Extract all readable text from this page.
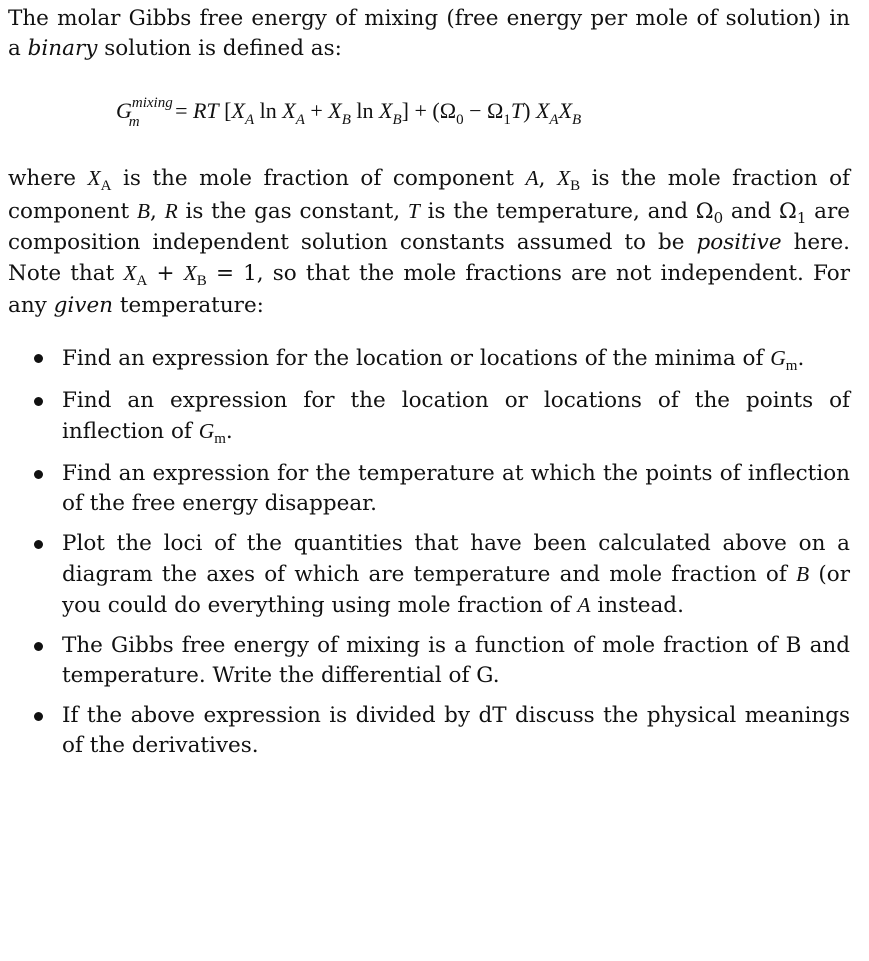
The molar Gibbs free energy of mixing (free energy per mole of solution) in a binary solution is defined as:

$G^{mixing}_m$ = RT [$X_A$ $\ln X_A + X_B$ $\ln X_B] + (\Omega_0 - \Omega_1T)$ $X_AX_B$

where $X_A$ is the mole fraction of component A, $X_B$ is the mole fraction of component B, R is the gas constant, T is the temperature, and $\Omega_0$ and $\Omega_1$ are composition independent solution constants assumed to be positive here. Note that $X_A + X_B = 1$, so that the mole fractions are not independent. For any given temperature:

Find an expression for the location or locations of the minima of $G_m$.
Find an expression for the location or locations of the points of inflection of $G_m$.
Find an expression for the temperature at which the points of inflection of the free energy disappear.
Plot the loci of the quantities that have been calculated above on a diagram the axes of which are temperature and mole fraction of B (or you could do everything using mole fraction of A instead.
The Gibbs free energy of mixing is a function of mole fraction of B and temperature. Write the differential of G.
If the above expression is divided by dT discuss the physical meanings of the derivatives.
